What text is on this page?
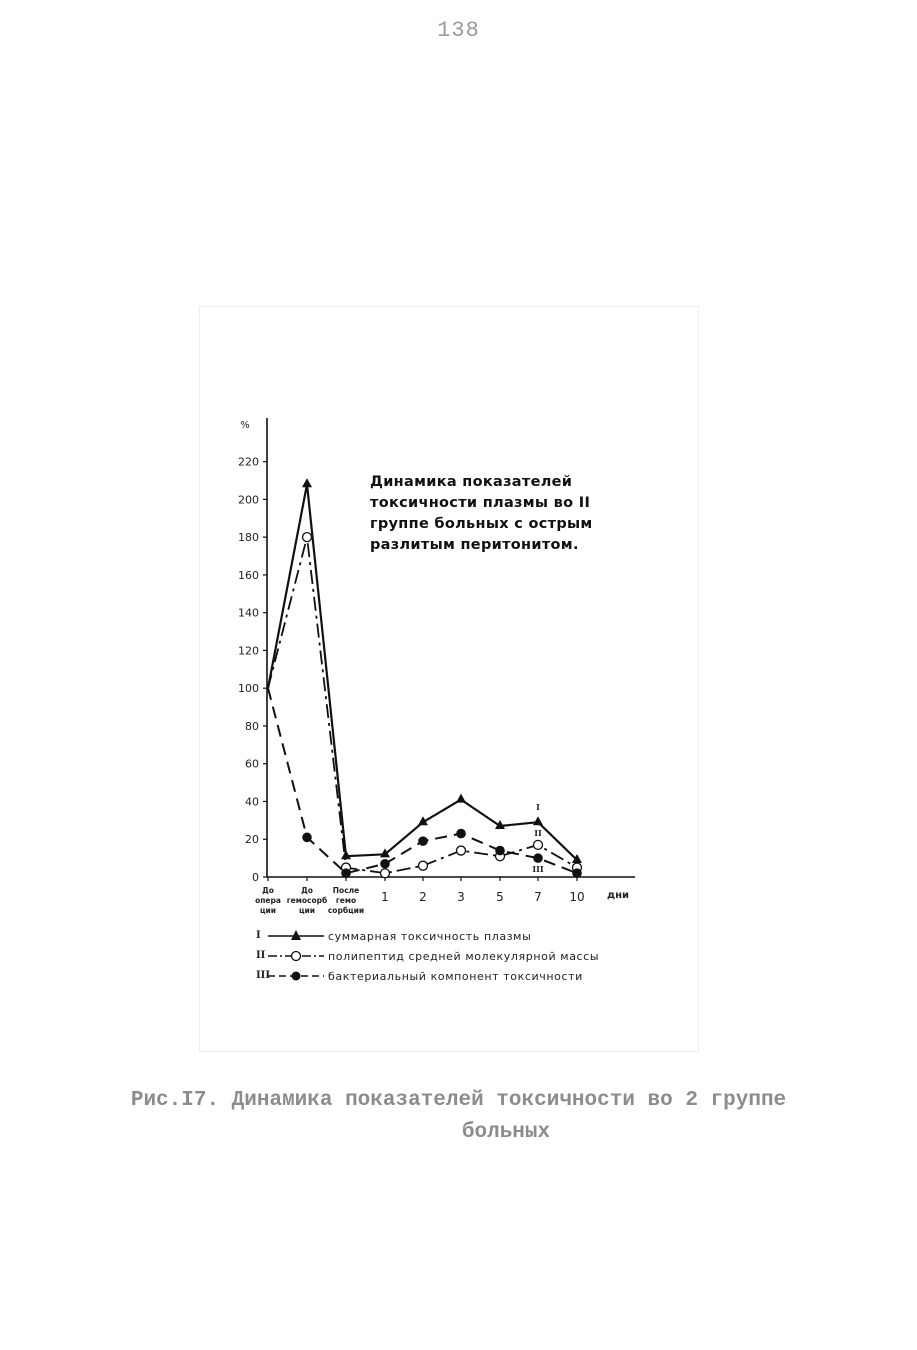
138
0
20
40
60
80
100
120
140
160
180
200
220
%
До
опера
ции
До
гемосорб
ции
После
гемо
сорбции
1	2	3	5	7 10 дни
I
II
III
Динамика показателей
токсичности плазмы во II
группе больных с острым
разлитым перитонитом.
I	суммарная токсичность плазмы
II	полипептид средней молекулярной массы
III	бактериальный компонент токсичности
Рис.I7. Динамика показателей токсичности во 2 группе
больных
